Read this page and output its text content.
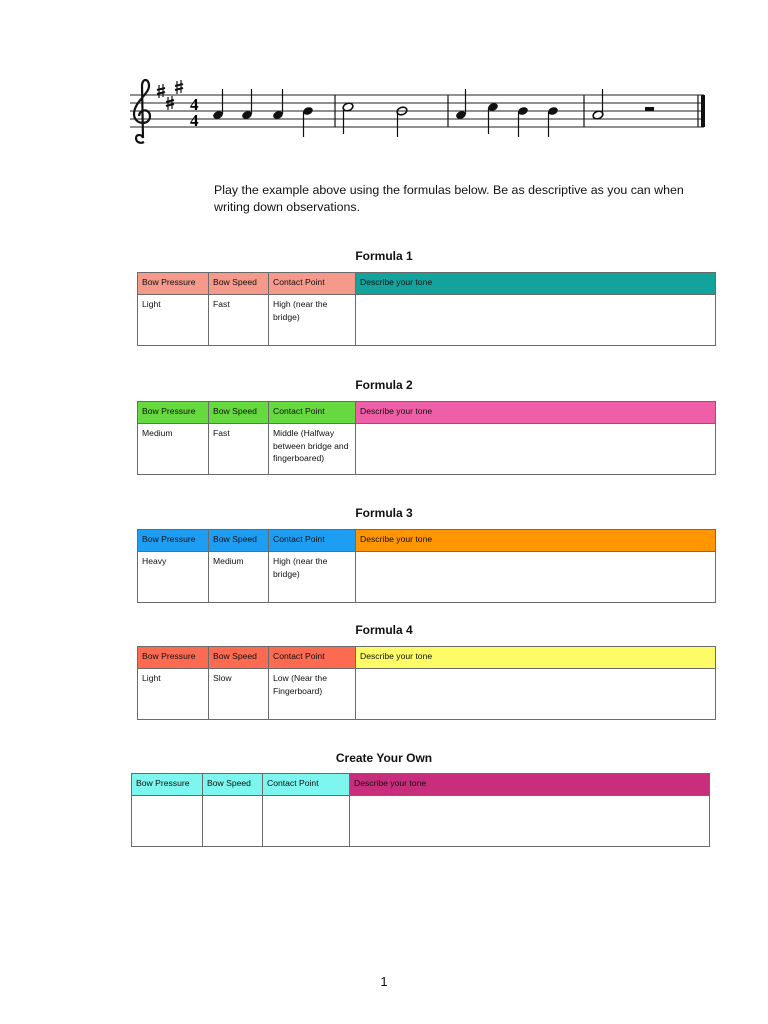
4
4
Play the example above using the formulas below. Be as descriptive as you can when writing down observations.
Formula 1
Bow Pressure	Bow Speed	Contact Point	Describe your tone
Light	Fast	High (near the bridge)	
Formula 2
Bow Pressure	Bow Speed	Contact Point	Describe your tone
Medium	Fast	Middle (Halfway between bridge and fingerboared)	
Formula 3
Bow Pressure	Bow Speed	Contact Point	Describe your tone
Heavy	Medium	High (near the bridge)	
Formula 4
Bow Pressure	Bow Speed	Contact Point	Describe your tone
Light	Slow	Low (Near the Fingerboard)	
Create Your Own
Bow Pressure	Bow Speed	Contact Point	Describe your tone

1
